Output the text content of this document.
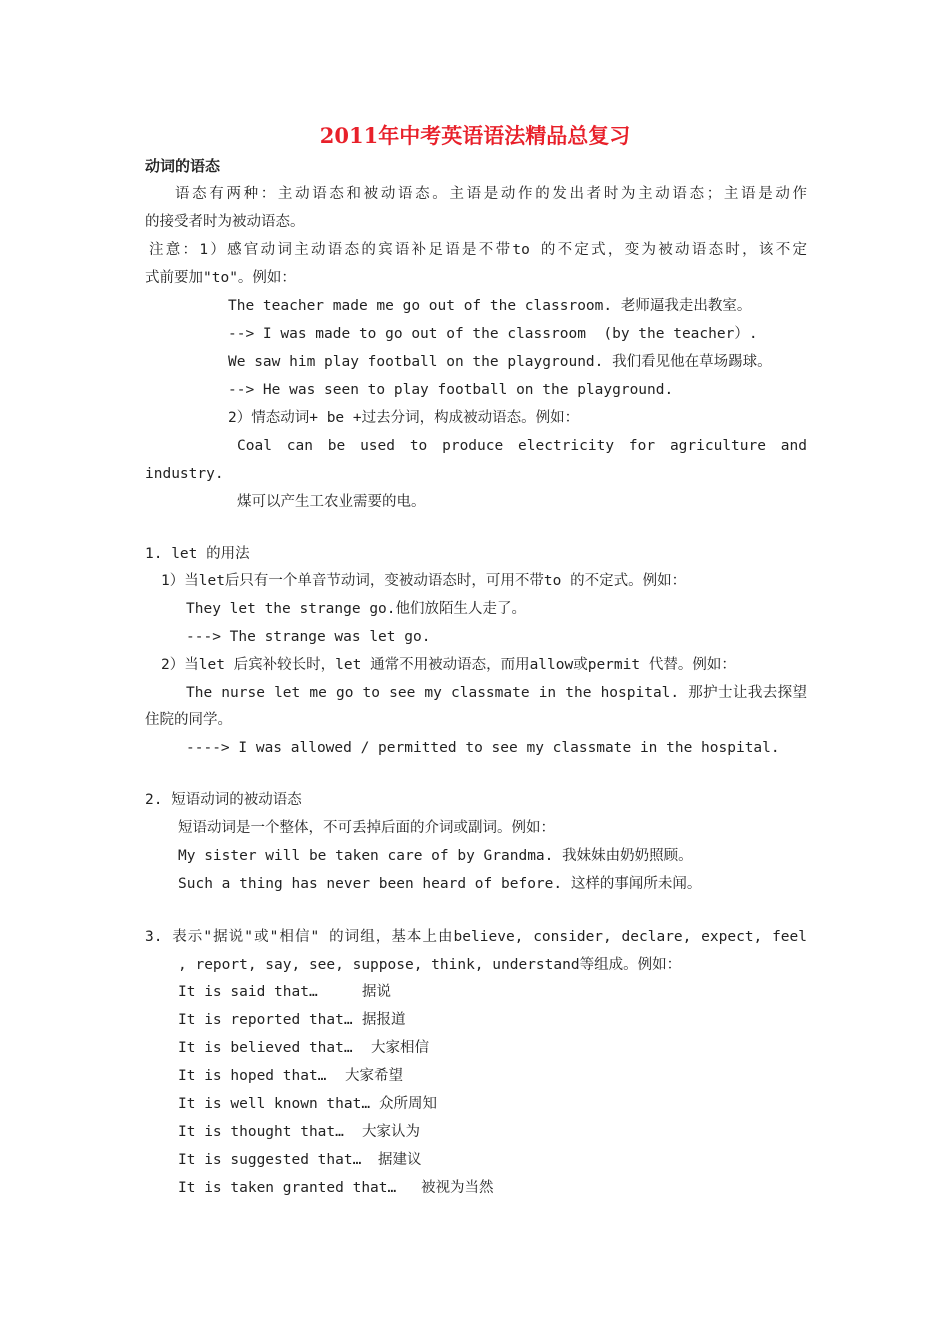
2011年中考英语语法精品总复习
动词的语态
语态有两种：主动语态和被动语态。主语是动作的发出者时为主动语态；主语是动作
的接受者时为被动语态。
注意：1）感官动词主动语态的宾语补足语是不带to 的不定式，变为被动语态时，该不定
式前要加"to"。例如：
The teacher made me go out of the classroom. 老师逼我走出教室。
--> I was made to go out of the classroom  (by the teacher）.
We saw him play football on the playground. 我们看见他在草场踢球。
--> He was seen to play football on the playground.
2）情态动词+ be +过去分词，构成被动语态。例如：
Coal can be used to produce electricity for agriculture and
industry.
煤可以产生工农业需要的电。
1. let 的用法
1）当let后只有一个单音节动词，变被动语态时，可用不带to 的不定式。例如：
They let the strange go.他们放陌生人走了。
---> The strange was let go.
2）当let 后宾补较长时，let 通常不用被动语态，而用allow或permit 代替。例如：
The nurse let me go to see my classmate in the hospital. 那护士让我去探望
住院的同学。
----> I was allowed / permitted to see my classmate in the hospital.
2. 短语动词的被动语态
短语动词是一个整体，不可丢掉后面的介词或副词。例如：
My sister will be taken care of by Grandma. 我妹妹由奶奶照顾。
Such a thing has never been heard of before. 这样的事闻所未闻。
3. 表示"据说"或"相信" 的词组，基本上由believe, consider, declare, expect, feel
, report, say, see, suppose, think, understand等组成。例如：
It is said that…	据说
It is reported that… 据报道
It is believed that… 大家相信
It is hoped that… 大家希望
It is well known that… 众所周知
It is thought that… 大家认为
It is suggested that… 据建议
It is taken granted that… 被视为当然
